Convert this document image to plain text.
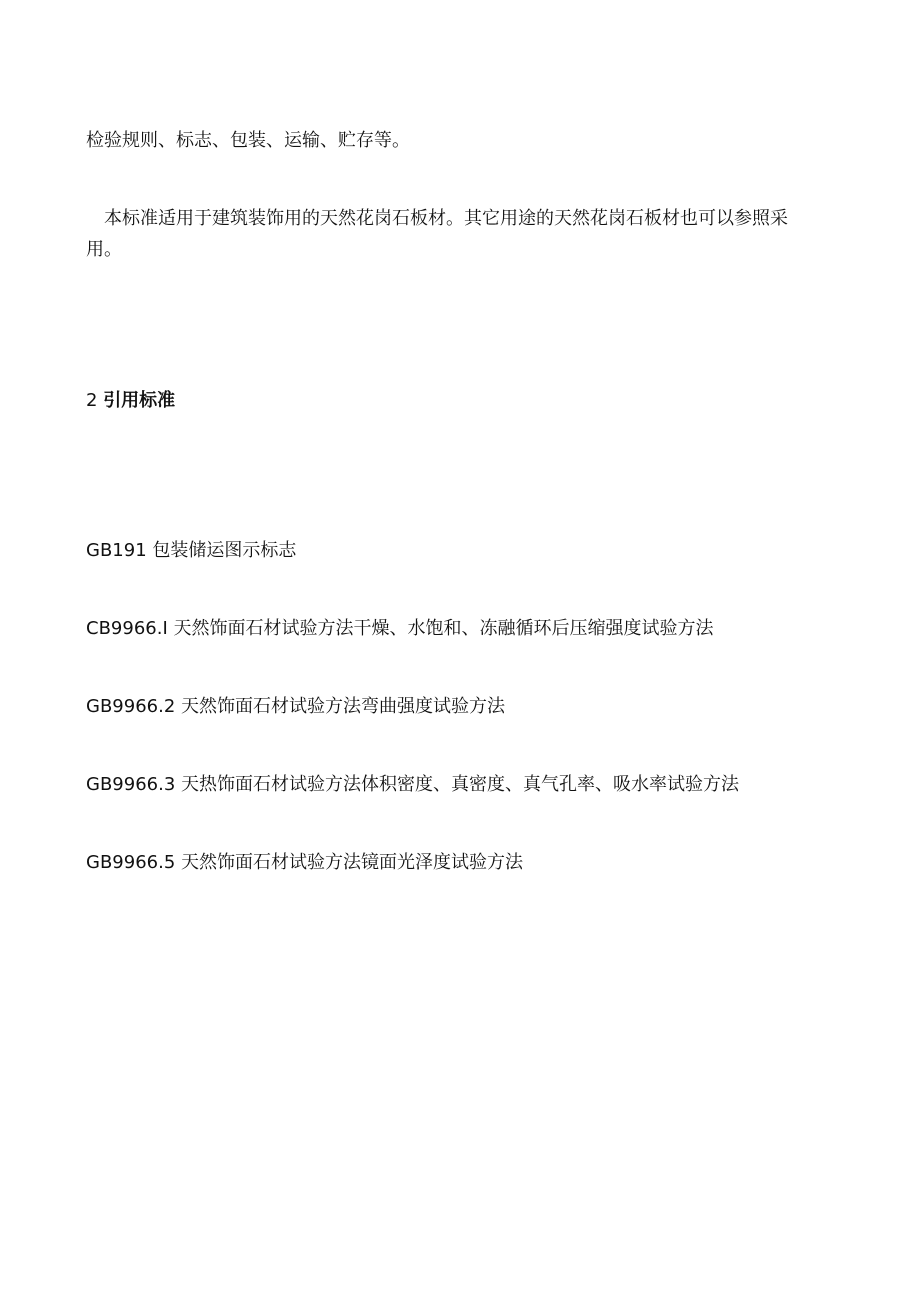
检验规则、标志、包装、运输、贮存等。
本标准适用于建筑装饰用的天然花岗石板材。其它用途的天然花岗石板材也可以参照采用。
2 引用标准
GB191 包装储运图示标志
CB9966.I 天然饰面石材试验方法干燥、水饱和、冻融循环后压缩强度试验方法
GB9966.2 天然饰面石材试验方法弯曲强度试验方法
GB9966.3 天热饰面石材试验方法体积密度、真密度、真气孔率、吸水率试验方法
GB9966.5 天然饰面石材试验方法镜面光泽度试验方法
